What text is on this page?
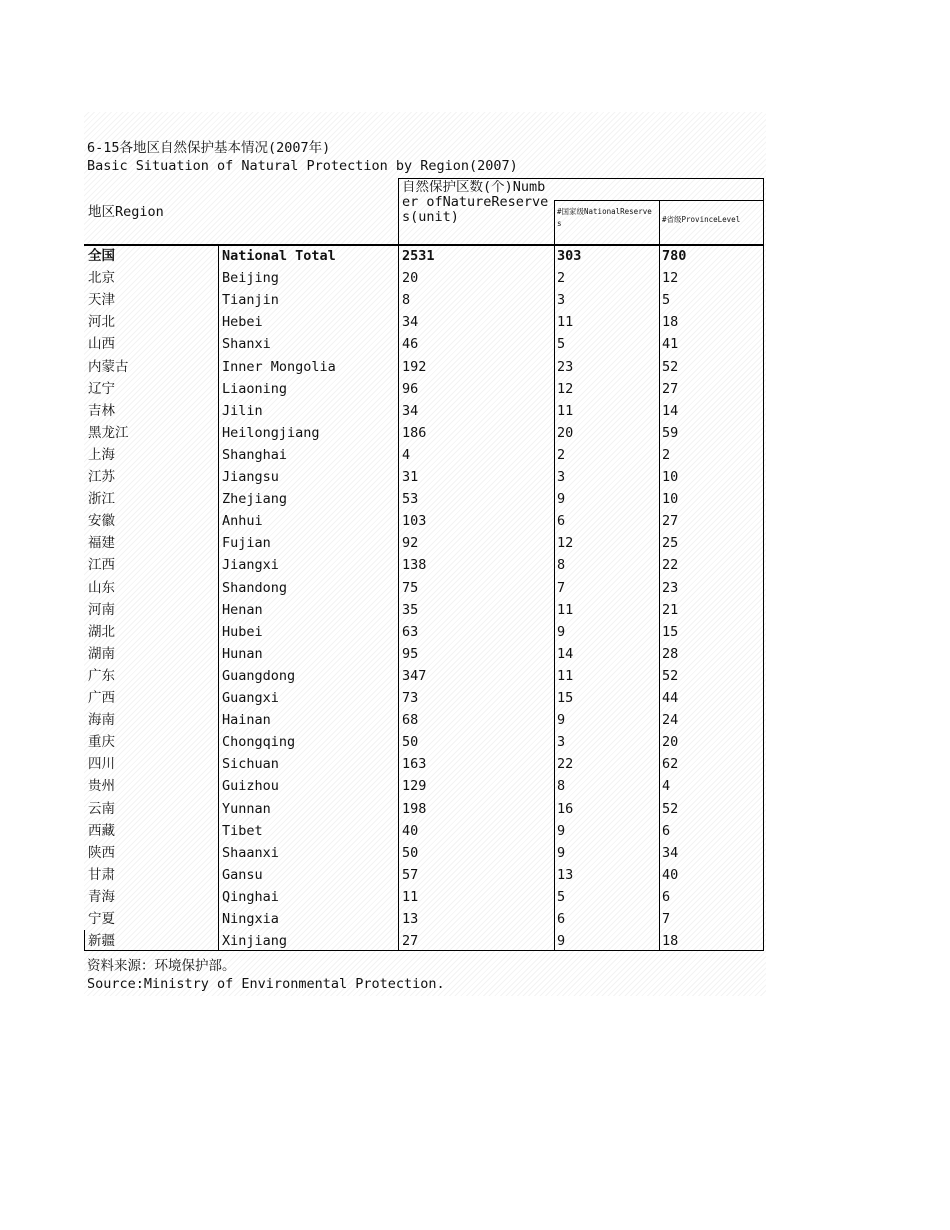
6-15各地区自然保护基本情况(2007年)
Basic Situation of Natural Protection by Region(2007)
地区Region
自然保护区数(个)Number ofNatureReserves(unit)	#国家级NationalReserves	#省级ProvinceLevel
全国	National Total	2531	303	780
北京	Beijing	20	2	12
天津	Tianjin	8	3	5
河北	Hebei	34	11	18
山西	Shanxi	46	5	41
内蒙古	Inner Mongolia	192	23	52
辽宁	Liaoning	96	12	27
吉林	Jilin	34	11	14
黑龙江	Heilongjiang	186	20	59
上海	Shanghai	4	2	2
江苏	Jiangsu	31	3	10
浙江	Zhejiang	53	9	10
安徽	Anhui	103	6	27
福建	Fujian	92	12	25
江西	Jiangxi	138	8	22
山东	Shandong	75	7	23
河南	Henan	35	11	21
湖北	Hubei	63	9	15
湖南	Hunan	95	14	28
广东	Guangdong	347	11	52
广西	Guangxi	73	15	44
海南	Hainan	68	9	24
重庆	Chongqing	50	3	20
四川	Sichuan	163	22	62
贵州	Guizhou	129	8	4
云南	Yunnan	198	16	52
西藏	Tibet	40	9	6
陕西	Shaanxi	50	9	34
甘肃	Gansu	57	13	40
青海	Qinghai	11	5	6
宁夏	Ningxia	13	6	7
新疆	Xinjiang	27	9	18
资料来源：环境保护部。
Source:Ministry of Environmental Protection.
